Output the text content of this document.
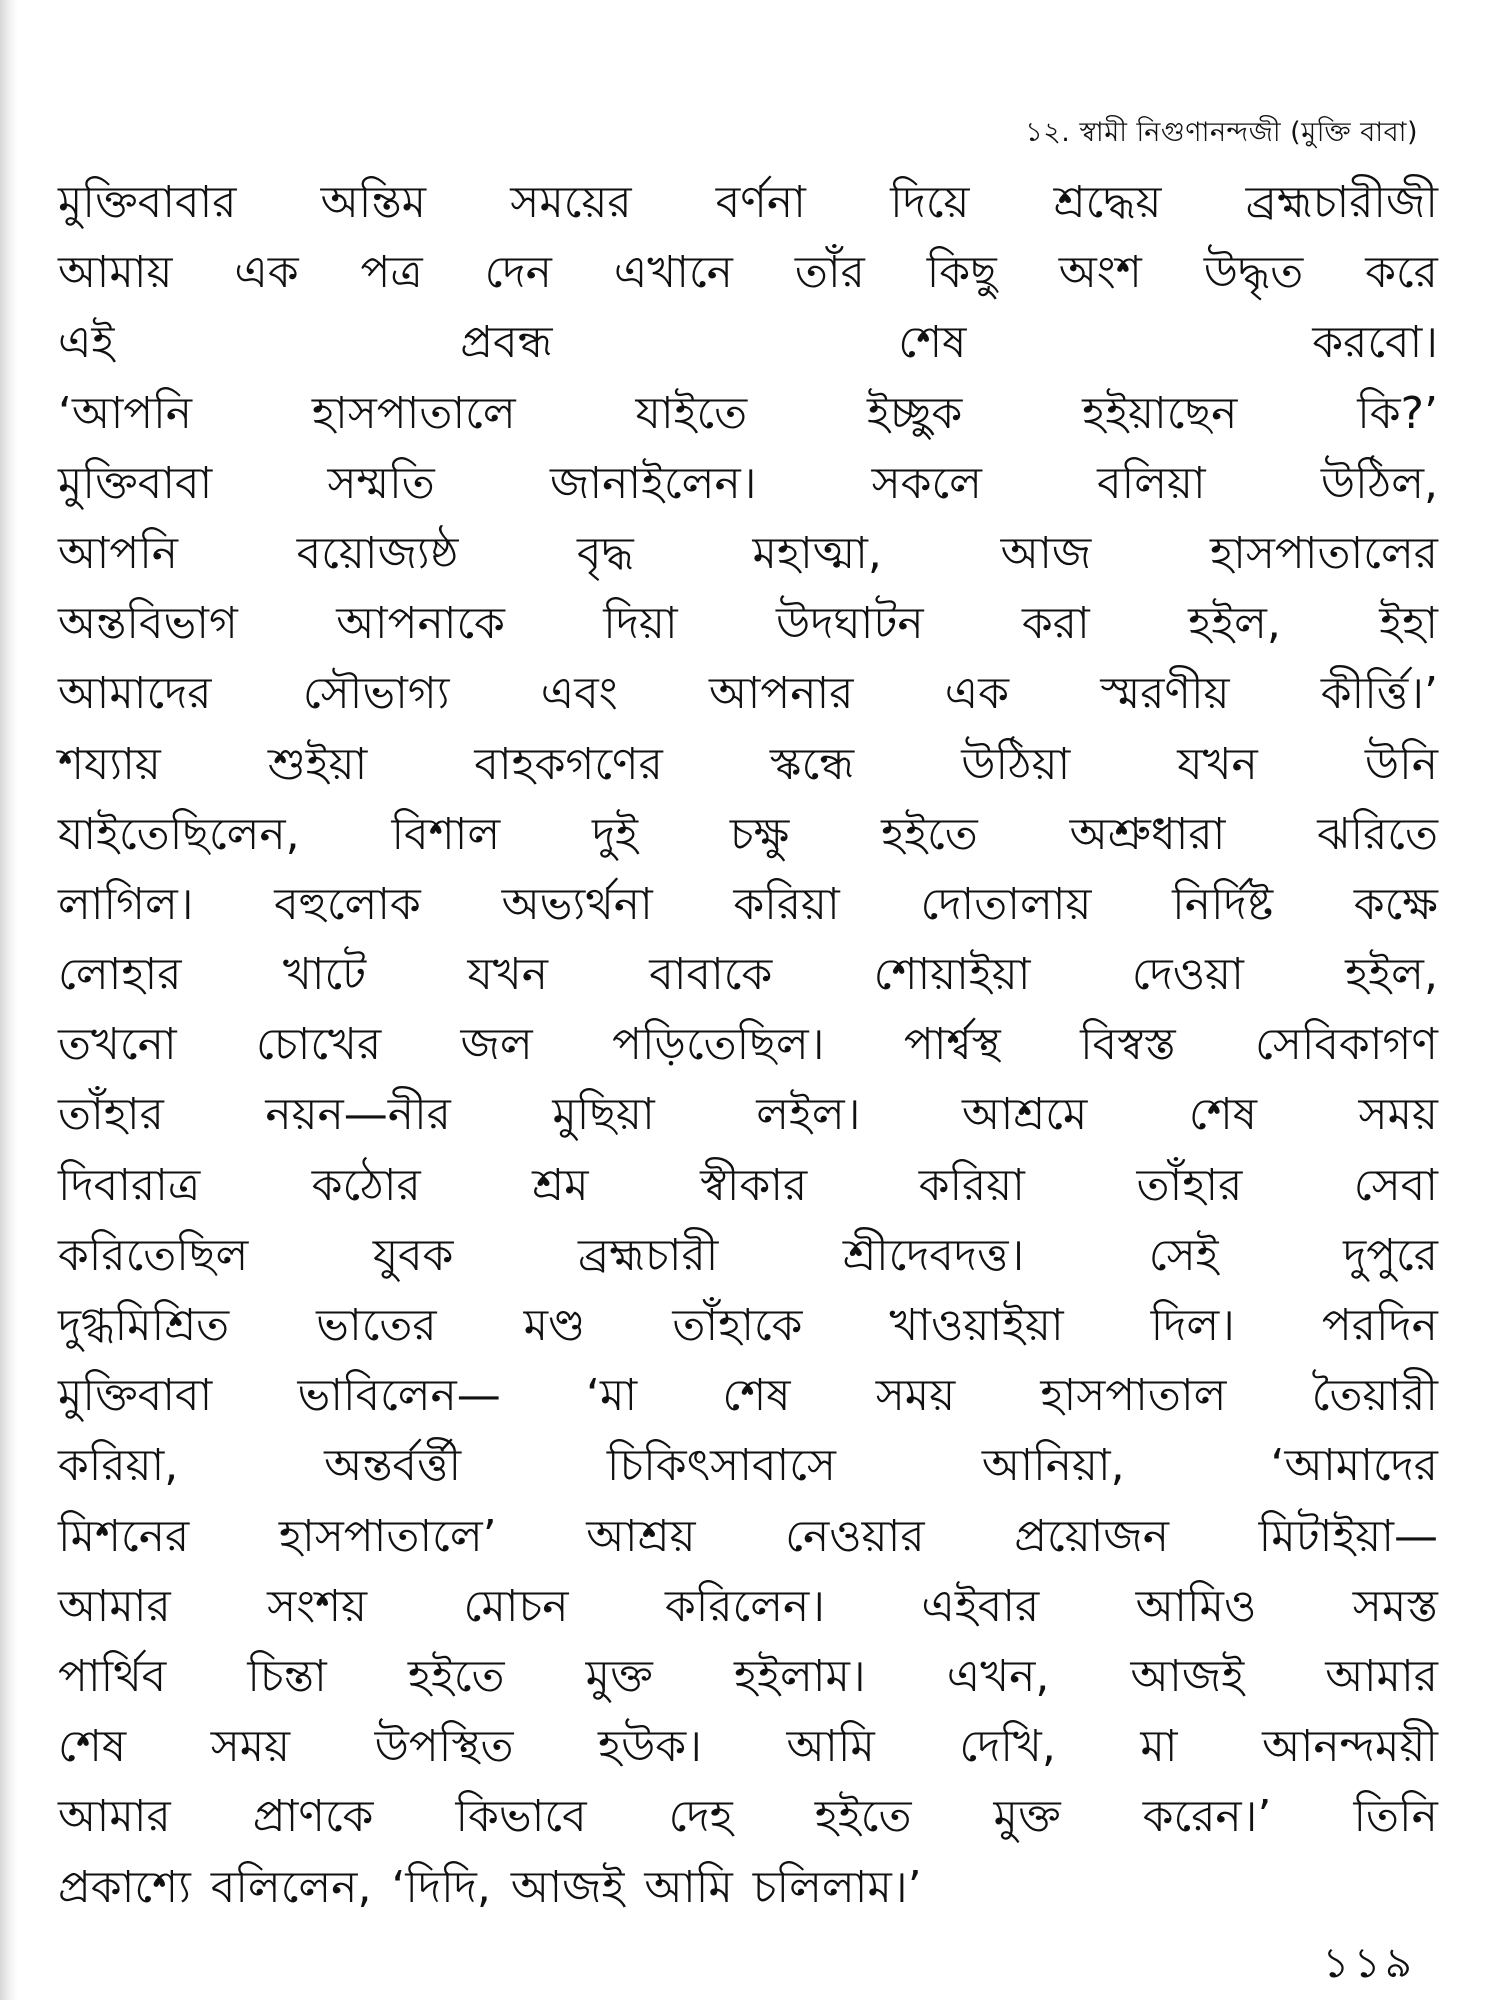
১২. স্বামী নিগুণানন্দজী (মুক্তি বাবা)
মুক্তিবাবার অন্তিম সময়ের বর্ণনা দিয়ে শ্রদ্ধেয় ব্রহ্মচারীজী
আমায় এক পত্র দেন এখানে তাঁর কিছু অংশ উদ্ধৃত করে
এই	প্রবন্ধ	শেষ	করবো।
‘আপনি	হাসপাতালে	যাইতে	ইচ্ছুক	হইয়াছেন	কি?’
মুক্তিবাবা	সম্মতি	জানাইলেন।	সকলে	বলিয়া	উঠিল,
আপনি	বয়োজ্যষ্ঠ	বৃদ্ধ	মহাত্মা,	আজ	হাসপাতালের
অন্তবিভাগ আপনাকে দিয়া উদঘাটন করা হইল, ইহা
আমাদের সৌভাগ্য এবং আপনার এক স্মরণীয় কীর্ত্তি।’
শয্যায় শুইয়া বাহকগণের স্কন্ধে উঠিয়া যখন উনি
যাইতেছিলেন, বিশাল দুই চক্ষু হইতে অশ্রুধারা ঝরিতে
লাগিল। বহুলোক অভ্যর্থনা করিয়া দোতালায় নির্দিষ্ট কক্ষে
লোহার খাটে যখন বাবাকে শোয়াইয়া দেওয়া হইল,
তখনো চোখের জল পড়িতেছিল। পার্শ্বস্থ বিস্বস্ত সেবিকাগণ
তাঁহার নয়ন—নীর মুছিয়া লইল। আশ্রমে শেষ সময়
দিবারাত্র	কঠোর	শ্রম	স্বীকার	করিয়া	তাঁহার	সেবা
করিতেছিল	যুবক	ব্রহ্মচারী	শ্রীদেবদত্ত।	সেই	দুপুরে
দুগ্ধমিশ্রিত ভাতের মণ্ড তাঁহাকে খাওয়াইয়া দিল। পরদিন
মুক্তিবাবা ভাবিলেন— ‘মা শেষ সময় হাসপাতাল তৈয়ারী
করিয়া,	অন্তর্বর্ত্তী	চিকিৎসাবাসে	আনিয়া,	‘আমাদের
মিশনের হাসপাতালে’ আশ্রয় নেওয়ার প্রয়োজন মিটাইয়া—
আমার সংশয় মোচন করিলেন। এইবার আমিও সমস্ত
পার্থিব চিন্তা হইতে মুক্ত হইলাম। এখন, আজই আমার
শেষ সময় উপস্থিত হউক। আমি দেখি, মা আনন্দময়ী
আমার প্রাণকে কিভাবে দেহ হইতে মুক্ত করেন।’ তিনি
প্রকাশ্যে বলিলেন, ‘দিদি, আজই আমি চলিলাম।’
১১৯
